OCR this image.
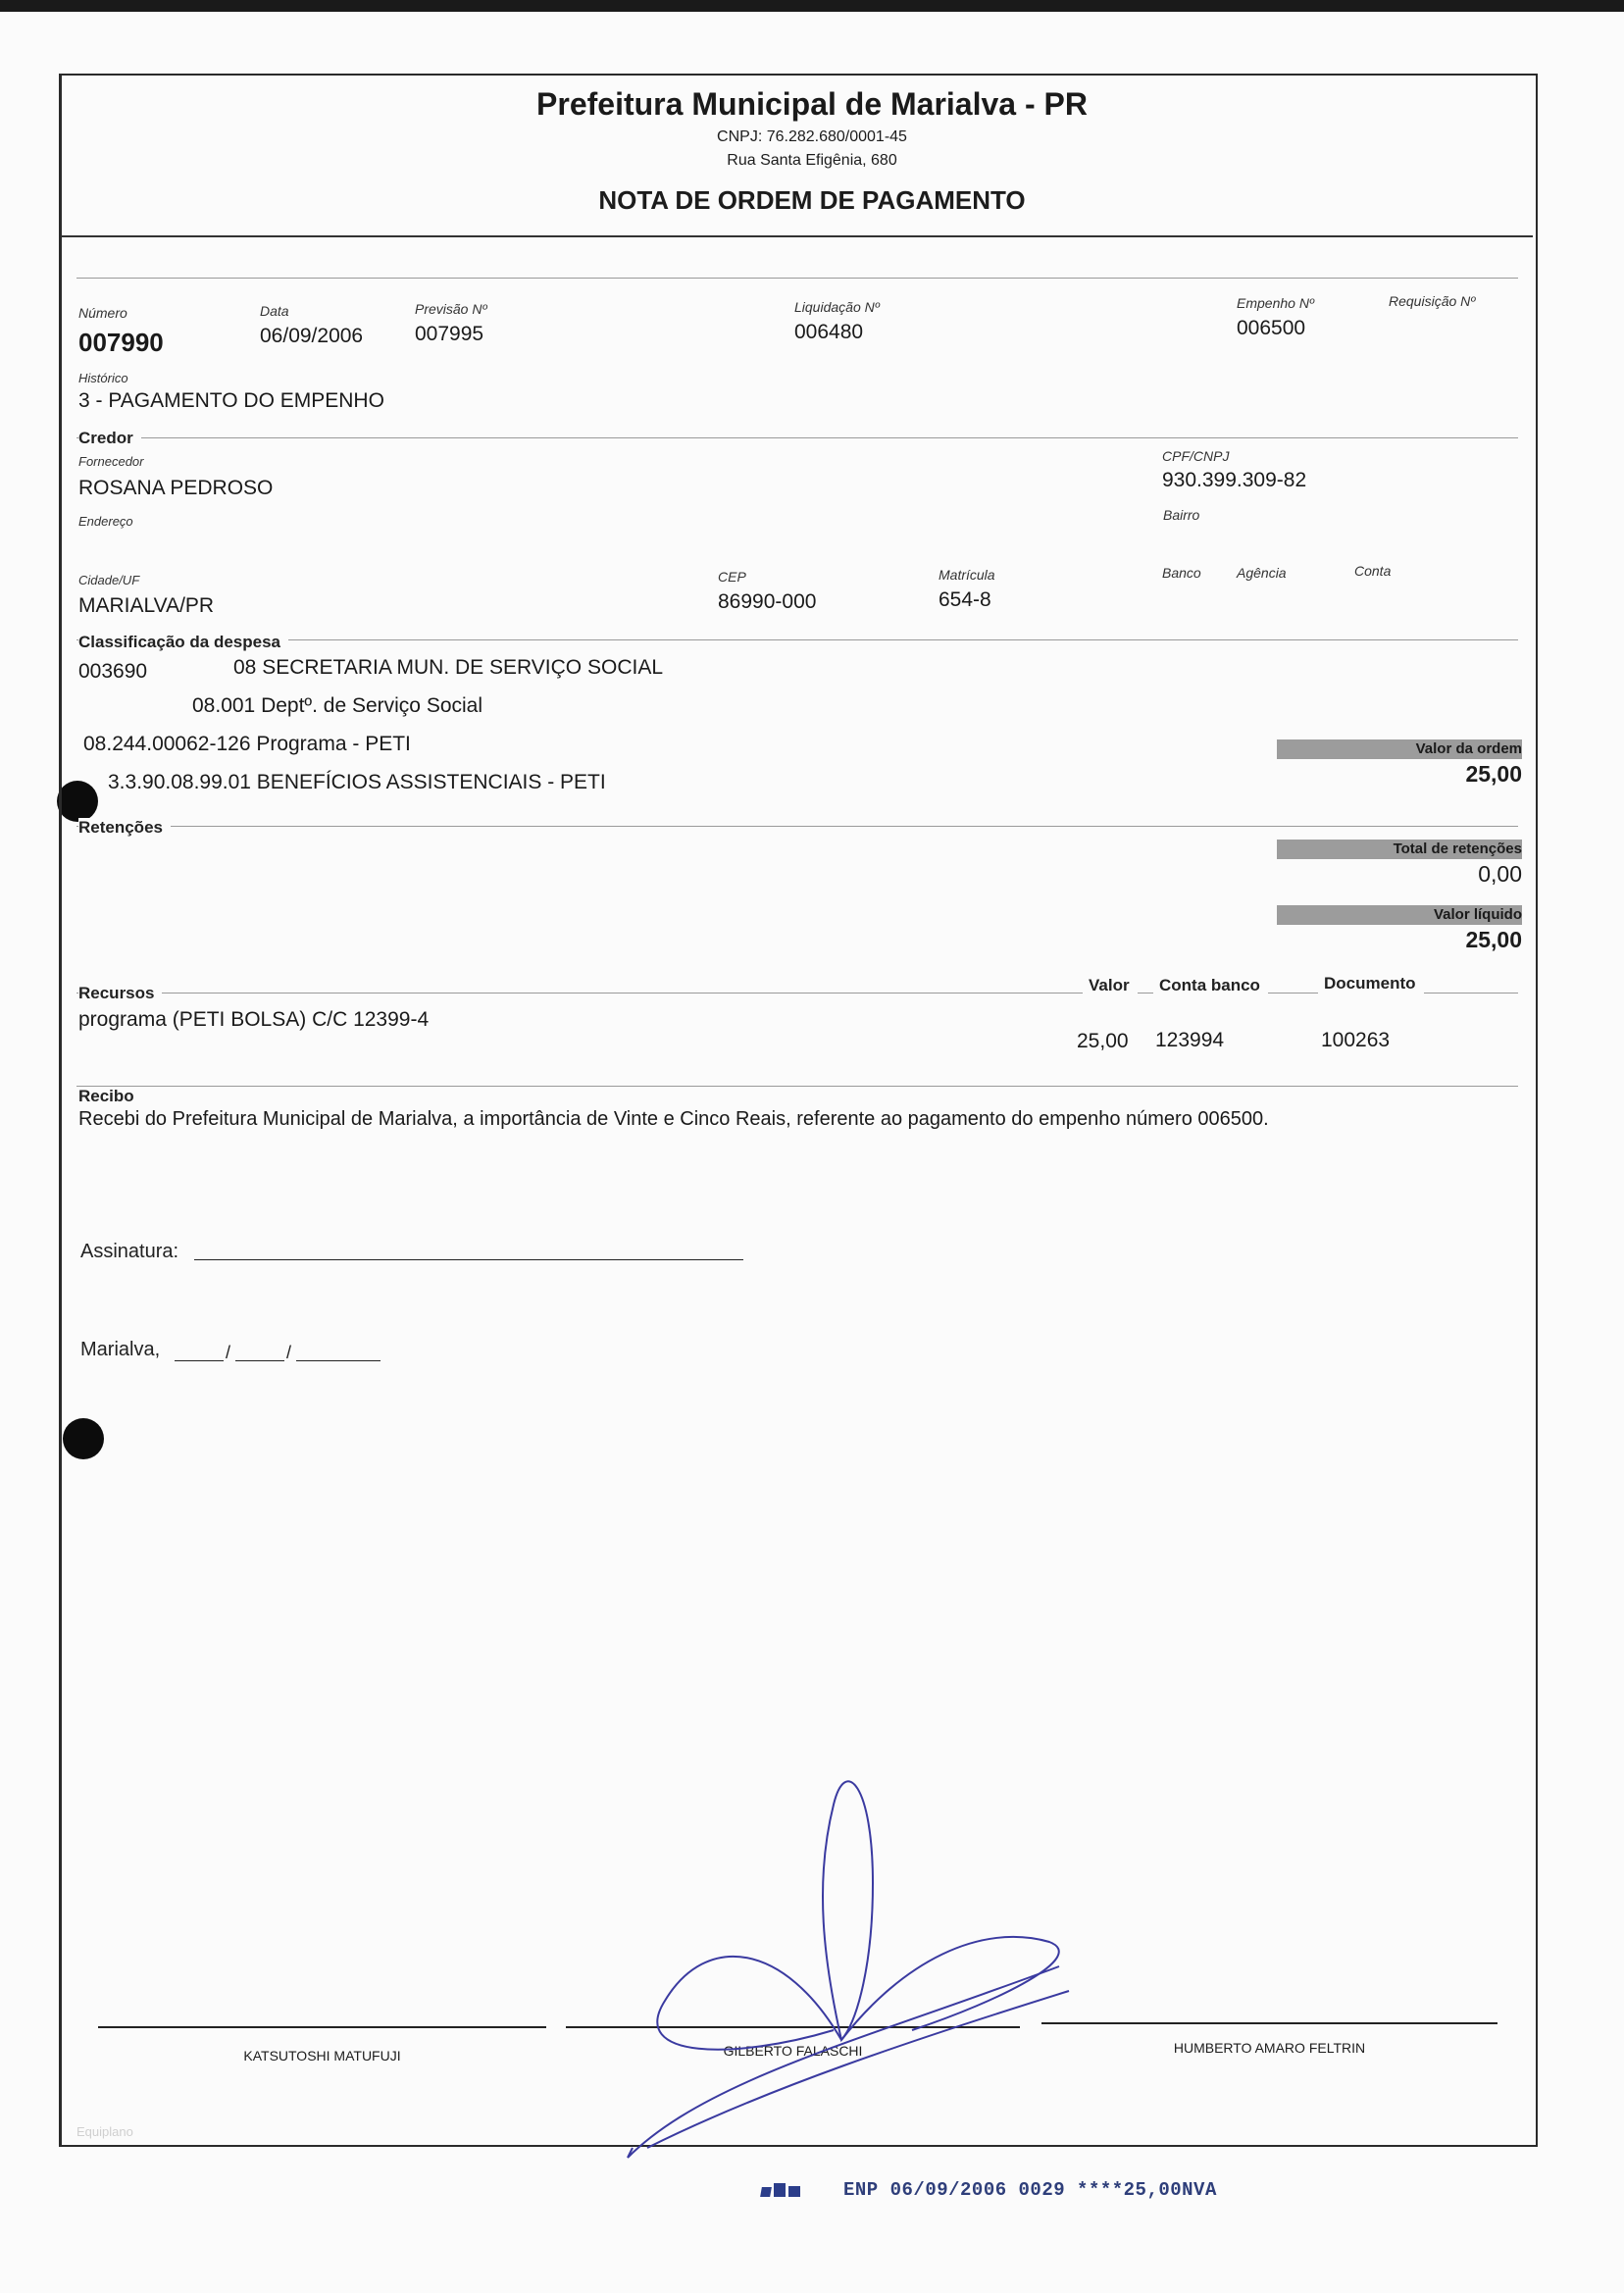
Prefeitura Municipal de Marialva - PR
CNPJ: 76.282.680/0001-45
Rua Santa Efigênia, 680
NOTA DE ORDEM DE PAGAMENTO
Número
007990
Data
06/09/2006
Previsão Nº
007995
Liquidação Nº
006480
Empenho Nº
006500
Requisição Nº
Histórico
3 - PAGAMENTO DO EMPENHO
Credor
Fornecedor
ROSANA PEDROSO
CPF/CNPJ
930.399.309-82
Endereço	Bairro
Cidade/UF
MARIALVA/PR
CEP
86990-000
Matrícula
654-8
Banco	Agência	Conta
Classificação da despesa
003690	08 SECRETARIA MUN. DE SERVIÇO SOCIAL
08.001 Deptº. de Serviço Social
08.244.00062-126 Programa - PETI
3.3.90.08.99.01 BENEFÍCIOS ASSISTENCIAIS - PETI
Valor da ordem
25,00
Retenções
Total de retenções
0,00
Valor líquido
25,00
Recursos	Valor	Conta banco	Documento
programa (PETI BOLSA) C/C 12399-4
25,00 123994	100263
Recibo
Recebi do Prefeitura Municipal de Marialva, a importância de Vinte e Cinco Reais, referente ao pagamento do empenho número 006500.
Assinatura:
Marialva,	/	/
KATSUTOSHI MATUFUJI	GILBERTO FALASCHI	HUMBERTO AMARO FELTRIN
Equiplano
ENP 06/09/2006 0029 ****25,00NVA
